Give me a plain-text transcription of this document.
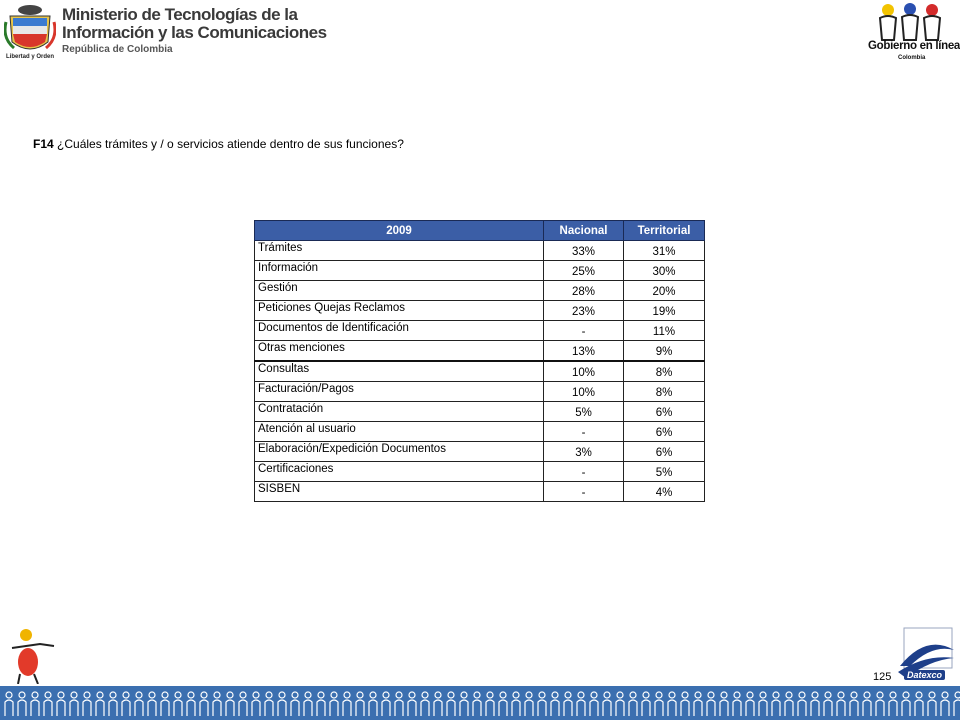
Libertad y Orden
Ministerio de Tecnologías de la
Información y las Comunicaciones
República de Colombia	Gobierno en línea
Colombia
F14 ¿Cuáles trámites y / o servicios atiende dentro de sus funciones?
2009	Nacional	Territorial
Trámites	33%	31%
Información	25%	30%
Gestión	28%	20%
Peticiones Quejas Reclamos	23%	19%
Documentos de Identificación	-	11%
Otras menciones	13%	9%
Consultas	10%	8%
Facturación/Pagos	10%	8%
Contratación	5%	6%
Atención al usuario	-	6%
Elaboración/Expedición Documentos	3%	6%
Certificaciones	-	5%
SISBEN	-	4%
125	Datexco
